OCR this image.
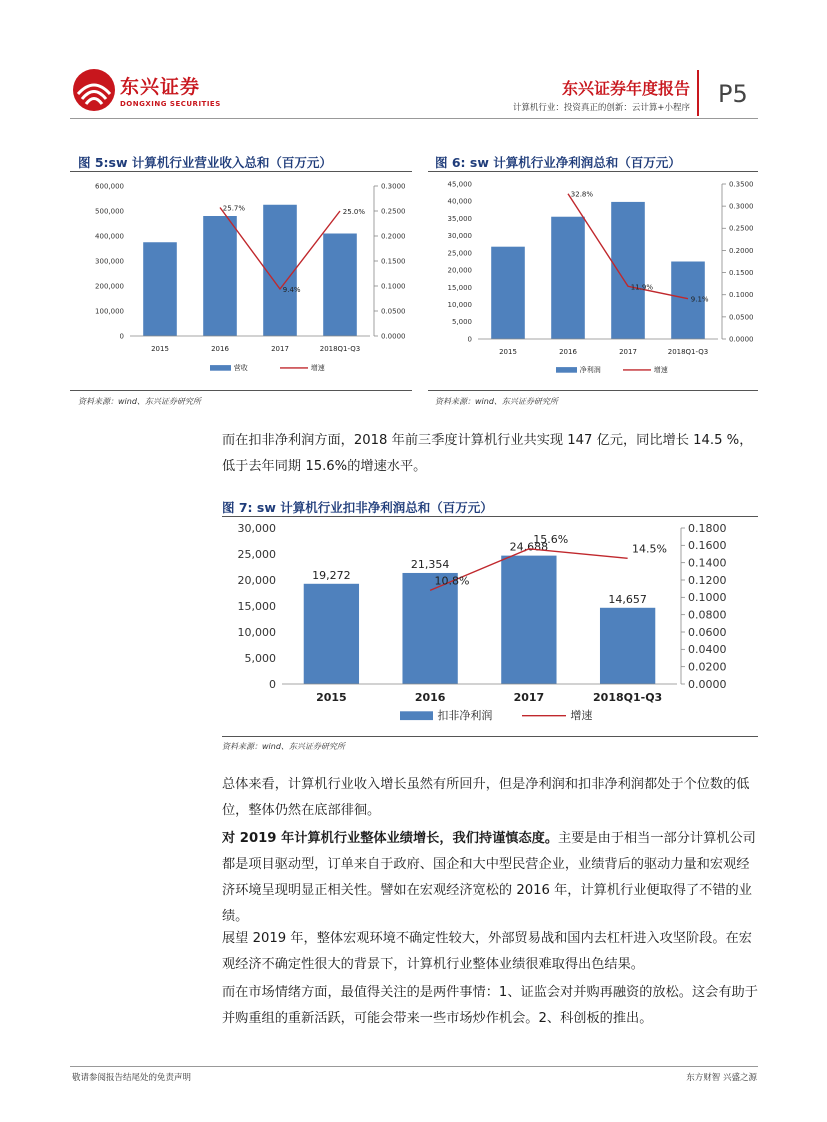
东兴证券
DONGXING SECURITIES
东兴证券年度报告
计算机行业：投资真正的创新：云计算+小程序 P5
图 5:sw 计算机行业营业收入总和（百万元）
0
100,000
200,000
300,000
400,000
500,000
600,000
0.0000
0.0500
0.1000
0.1500
0.2000
0.2500
0.3000
2015	2016	2017	2018Q1-Q3
25.7%
9.4%
25.0%
营收	增速
资料来源：wind、东兴证券研究所
图 6: sw 计算机行业净利润总和（百万元）
0
5,000
10,000
15,000
20,000
25,000
30,000
35,000
40,000
45,000
0.0000
0.0500
0.1000
0.1500
0.2000
0.2500
0.3000
0.3500
2015	2016	2017	2018Q1-Q3
32.8%
11.9%
9.1%
净利润	增速
资料来源：wind、东兴证券研究所
而在扣非净利润方面，2018 年前三季度计算机行业共实现 147 亿元，同比增长 14.5 %，低于去年同期 15.6%的增速水平。
图 7: sw 计算机行业扣非净利润总和（百万元）
0
5,000
10,000
15,000
20,000
25,000
30,000
0.0000
0.0200
0.0400
0.0600
0.0800
0.1000
0.1200
0.1400
0.1600
0.1800
19,272
2015
21,354
2016
24,688
2017
14,657
2018Q1-Q3
10.8%
15.6%
14.5%
扣非净利润	增速
资料来源：wind、东兴证券研究所
总体来看，计算机行业收入增长虽然有所回升，但是净利润和扣非净利润都处于个位数的低位，整体仍然在底部徘徊。
对 2019 年计算机行业整体业绩增长，我们持谨慎态度。主要是由于相当一部分计算机公司都是项目驱动型，订单来自于政府、国企和大中型民营企业，业绩背后的驱动力量和宏观经济环境呈现明显正相关性。譬如在宏观经济宽松的 2016 年，计算机行业便取得了不错的业绩。
展望 2019 年，整体宏观环境不确定性较大，外部贸易战和国内去杠杆进入攻坚阶段。在宏观经济不确定性很大的背景下，计算机行业整体业绩很难取得出色结果。
而在市场情绪方面，最值得关注的是两件事情：1、证监会对并购再融资的放松。这会有助于并购重组的重新活跃，可能会带来一些市场炒作机会。2、科创板的推出。
敬请参阅报告结尾处的免责声明	东方财智 兴盛之源
